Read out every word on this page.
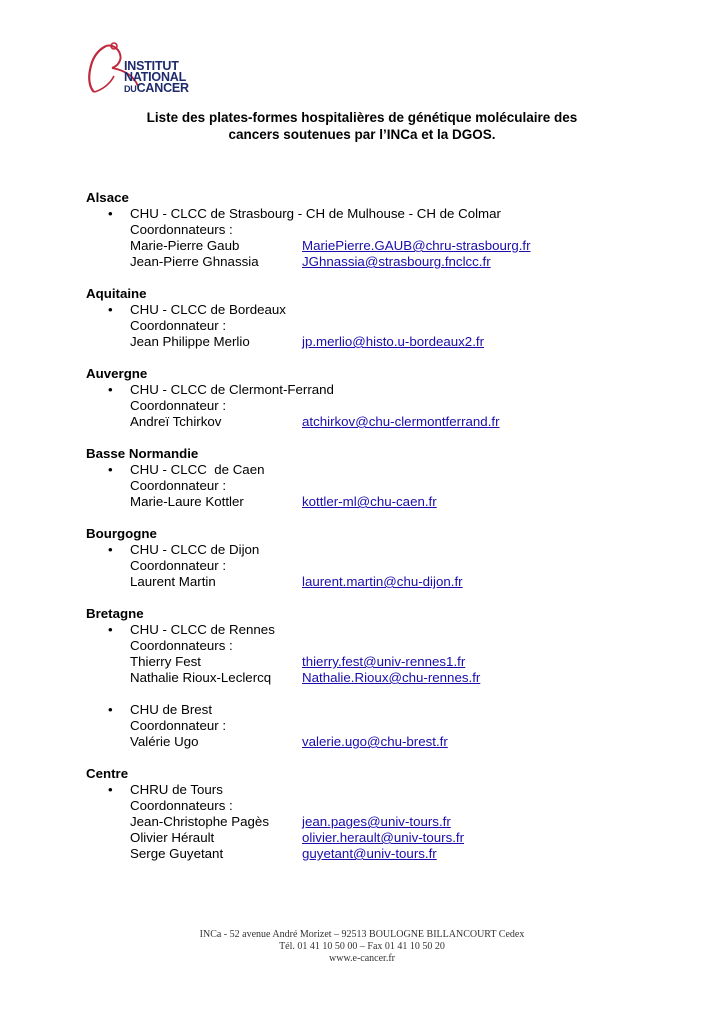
INSTITUT
NATIONAL
DUCANCER
Liste des plates-formes hospitalières de génétique moléculaire des
cancers soutenues par l’INCa et la DGOS.
Alsace
• CHU - CLCC de Strasbourg - CH de Mulhouse - CH de Colmar
Coordonnateurs :
Marie-Pierre Gaub	MariePierre.GAUB@chru-strasbourg.fr
Jean-Pierre Ghnassia	JGhnassia@strasbourg.fnclcc.fr
Aquitaine
• CHU - CLCC de Bordeaux
Coordonnateur :
Jean Philippe Merlio	jp.merlio@histo.u-bordeaux2.fr
Auvergne
• CHU - CLCC de Clermont-Ferrand
Coordonnateur :
Andreï Tchirkov	atchirkov@chu-clermontferrand.fr
Basse Normandie
• CHU - CLCC  de Caen
Coordonnateur :
Marie-Laure Kottler	kottler-ml@chu-caen.fr
Bourgogne
• CHU - CLCC de Dijon
Coordonnateur :
Laurent Martin	laurent.martin@chu-dijon.fr
Bretagne
• CHU - CLCC de Rennes
Coordonnateurs :
Thierry Fest	thierry.fest@univ-rennes1.fr
Nathalie Rioux-Leclercq Nathalie.Rioux@chu-rennes.fr
• CHU de Brest
Coordonnateur :
Valérie Ugo	valerie.ugo@chu-brest.fr
Centre
• CHRU de Tours
Coordonnateurs :
Jean-Christophe Pagès jean.pages@univ-tours.fr
Olivier Hérault	olivier.herault@univ-tours.fr
Serge Guyetant	guyetant@univ-tours.fr
INCa - 52 avenue André Morizet – 92513 BOULOGNE BILLANCOURT Cedex
Tél. 01 41 10 50 00 – Fax 01 41 10 50 20
www.e-cancer.fr
